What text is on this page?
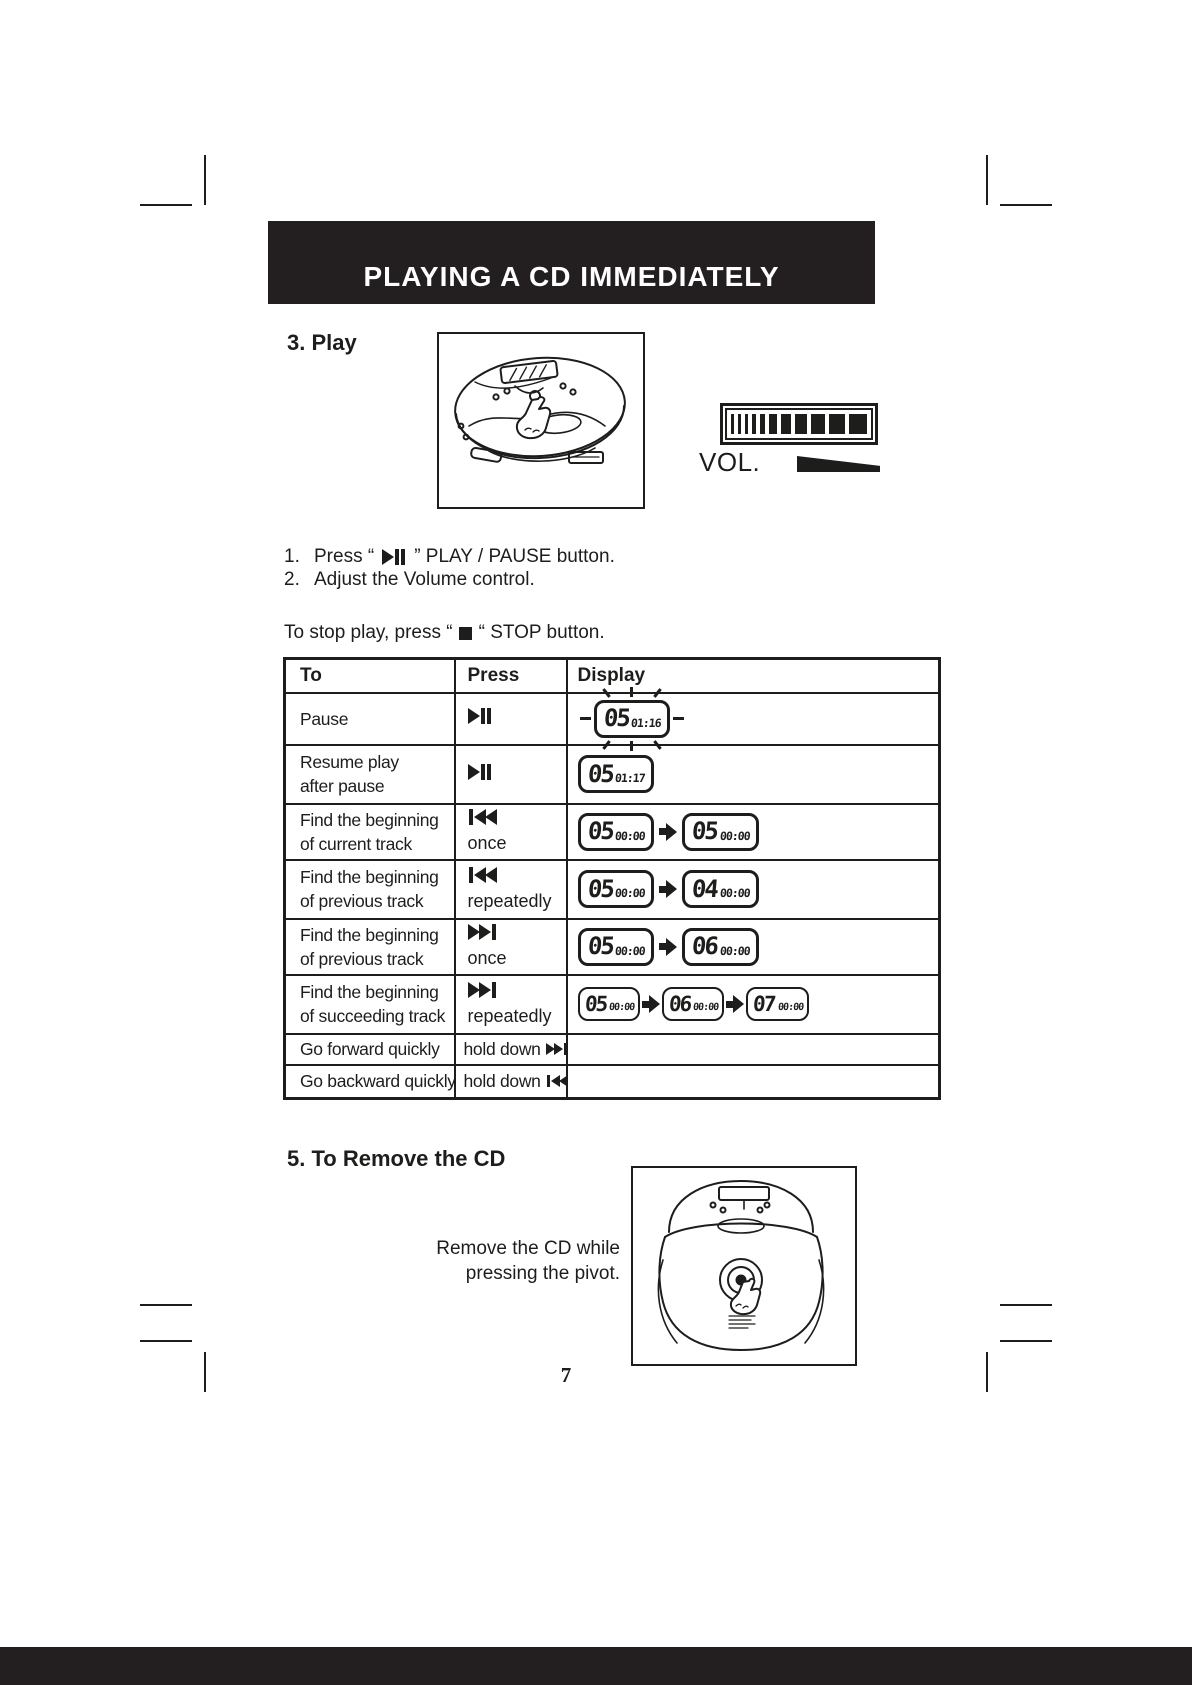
PLAYING A CD IMMEDIATELY
3. Play
VOL.
1. Press “ ” PLAY / PAUSE button.
2. Adjust the Volume control.
To stop play, press “ “ STOP button.
To	Press	Display

Pause		05 01:16

Resume play
after pause		05 01:17

Find the beginning
of current track	once	05 00:00 05 00:00

Find the beginning
of previous track	repeatedly	05 00:00 04 00:00

Find the beginning
of previous track	once	05 00:00 06 00:00

Find the beginning
of succeeding track	repeatedly	05 00:00 06 00:00 07 00:00

Go forward quickly	hold down	

Go backward quickly	hold down	

5. To Remove the CD
Remove the CD while
pressing the pivot.
7
